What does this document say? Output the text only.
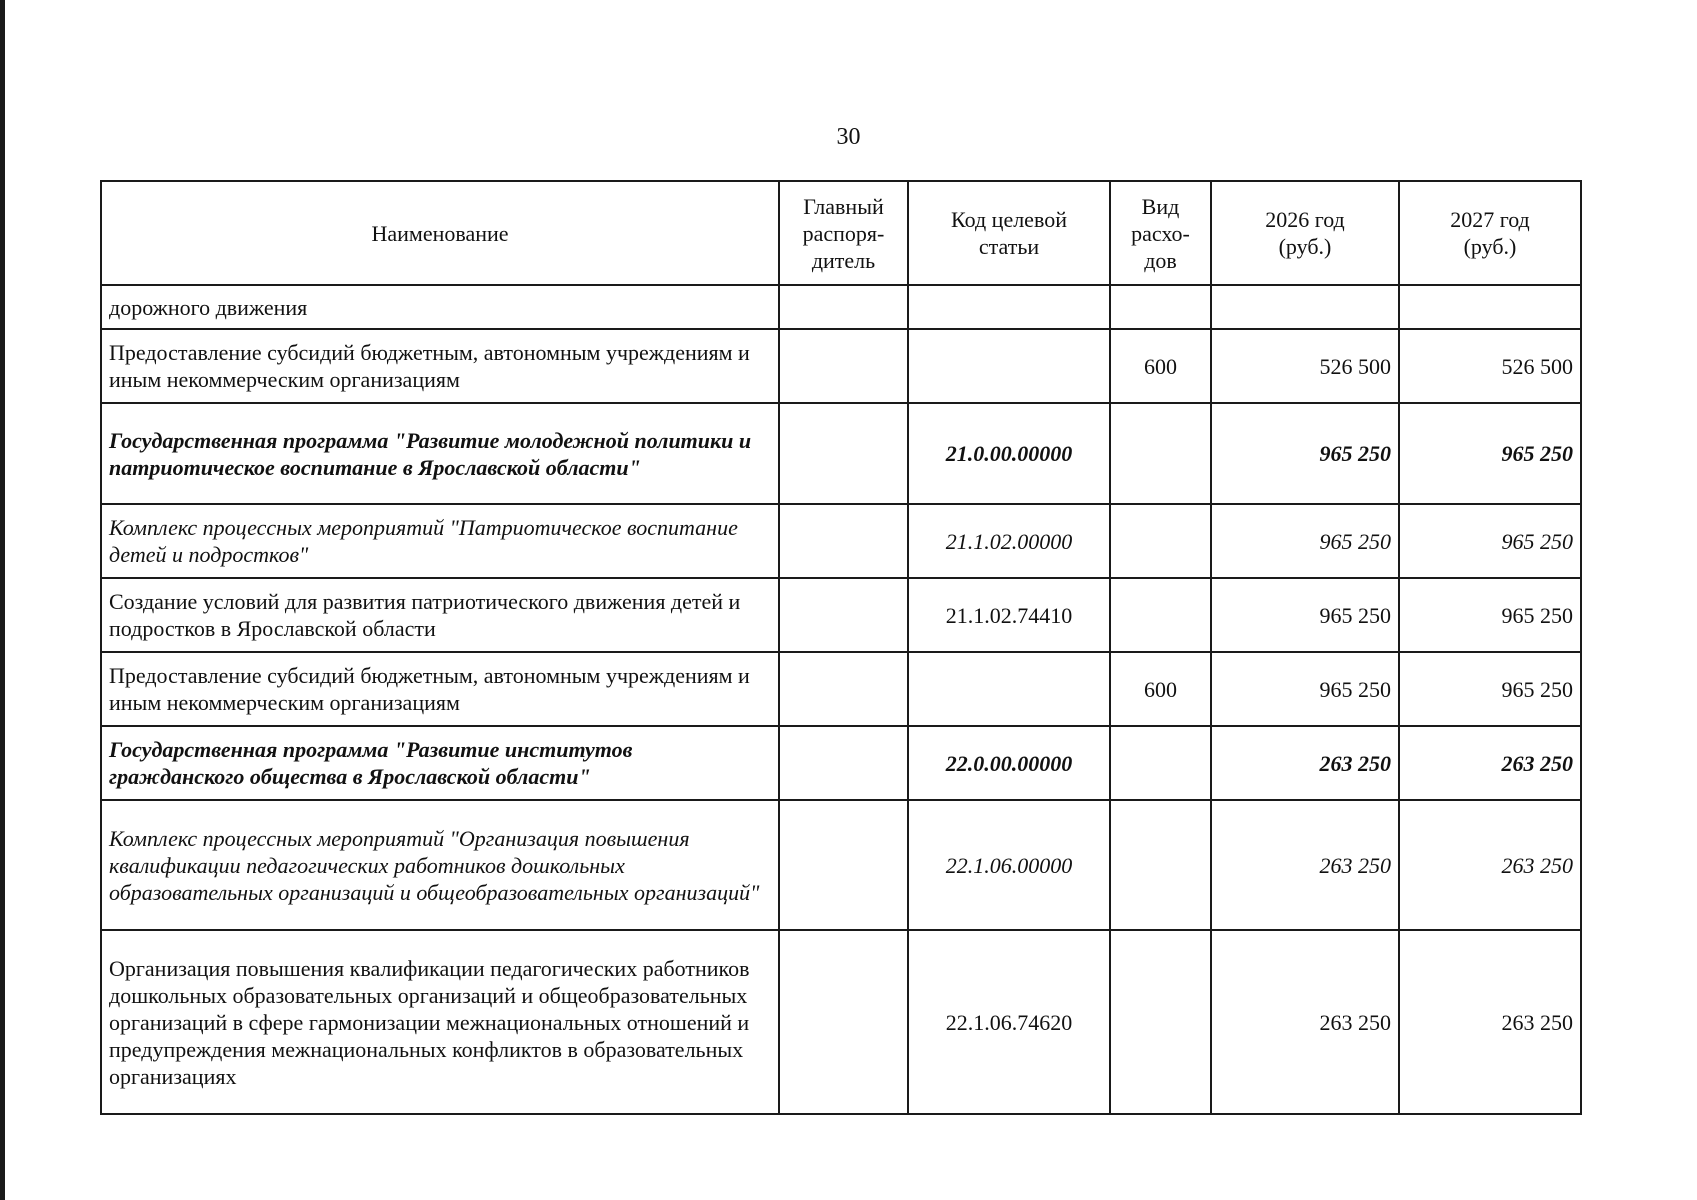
30
Наименование	Главный распоря-дитель	Код целевой статьи	Вид расхо-дов	2026 год (руб.)	2027 год (руб.)

дорожного движения					
Предоставление субсидий бюджетным, автономным учреждениям и иным некоммерческим организациям			600	526 500	526 500
Государственная программа "Развитие молодежной политики и патриотическое воспитание в Ярославской области"		21.0.00.00000		965 250	965 250
Комплекс процессных мероприятий "Патриотическое воспитание детей и подростков"		21.1.02.00000		965 250	965 250
Создание условий для развития патриотического движения детей и подростков в Ярославской области		21.1.02.74410		965 250	965 250
Предоставление субсидий бюджетным, автономным учреждениям и иным некоммерческим организациям			600	965 250	965 250
Государственная программа "Развитие институтов гражданского общества в Ярославской области"		22.0.00.00000		263 250	263 250
Комплекс процессных мероприятий "Организация повышения квалификации педагогических работников дошкольных образовательных организаций и общеобразовательных организаций"		22.1.06.00000		263 250	263 250
Организация повышения квалификации педагогических работников дошкольных образовательных организаций и общеобразовательных организаций в сфере гармонизации межнациональных отношений и предупреждения межнациональных конфликтов в образовательных организациях		22.1.06.74620		263 250	263 250
